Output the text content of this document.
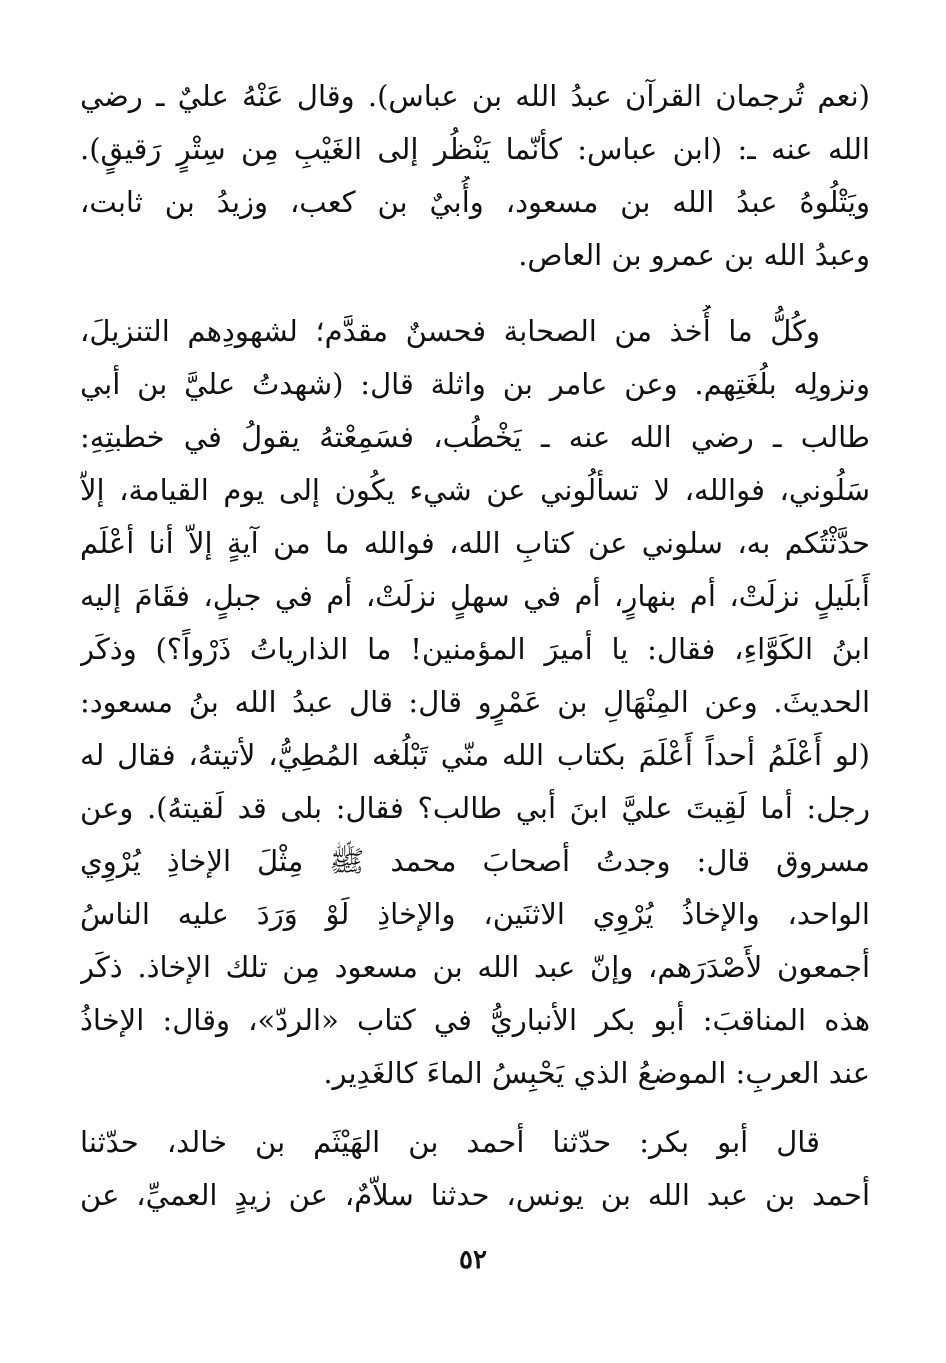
(نعم تُرجمان القرآن عبدُ الله بن عباس). وقال عَنْهُ عليٌ ـ رضي
الله عنه ـ: (ابن عباس: كأنّما يَنْظُر إلى الغَيْبِ مِن سِتْرٍ رَقيقٍ).
ويَتْلُوهُ عبدُ الله بن مسعود، وأُبيٌ بن كعب، وزيدُ بن ثابت،
وعبدُ الله بن عمرو بن العاص.
وكُلُّ ما أُخذ من الصحابة فحسنٌ مقدَّم؛ لشهودِهم التنزيلَ،
ونزولِه بلُغَتِهم. وعن عامر بن واثلة قال: (شهدتُ عليَّ بن أبي
طالب ـ رضي الله عنه ـ يَخْطُب، فسَمِعْتهُ يقولُ في خطبتِهِ:
سَلُوني، فوالله، لا تسألُوني عن شيء يكُون إلى يوم القيامة، إلاّ
حدَّثْتُكم به، سلوني عن كتابِ الله، فوالله ما من آيةٍ إلاّ أنا أعْلَم
أَبلَيلٍ نزلَتْ، أم بنهارٍ، أم في سهلٍ نزلَتْ، أم في جبلٍ، فقَامَ إليه
ابنُ الكَوَّاءِ، فقال: يا أميرَ المؤمنين! ما الذارياتُ ذَرْواً؟) وذكَر
الحديثَ. وعن المِنْهَالِ بن عَمْرٍو قال: قال عبدُ الله بنُ مسعود:
(لو أَعْلَمُ أحداً أَعْلَمَ بكتاب الله منّي تَبْلُغه المُطِيُّ، لأتيتهُ، فقال له
رجل: أما لَقِيتَ عليَّ ابنَ أبي طالب؟ فقال: بلى قد لَقيتهُ). وعن
مسروق قال: وجدتُ أصحابَ محمد ﷺ مِثْلَ الإخاذِ يُرْوِي
الواحد، والإخاذُ يُرْوِي الاثنَين، والإخاذِ لَوْ وَرَدَ عليه الناسُ
أجمعون لأَصْدَرَهم، وإنّ عبد الله بن مسعود مِن تلك الإخاذ. ذكَر
هذه المناقبَ: أبو بكر الأنباريُّ في كتاب «الردّ»، وقال: الإخاذُ
عند العربِ: الموضعُ الذي يَحْبِسُ الماءَ كالغَدِير.
قال أبو بكر: حدّثنا أحمد بن الهَيْثَم بن خالد، حدّثنا
أحمد بن عبد الله بن يونس، حدثنا سلاّمٌ، عن زيدٍ العميِّ، عن
٥٢
